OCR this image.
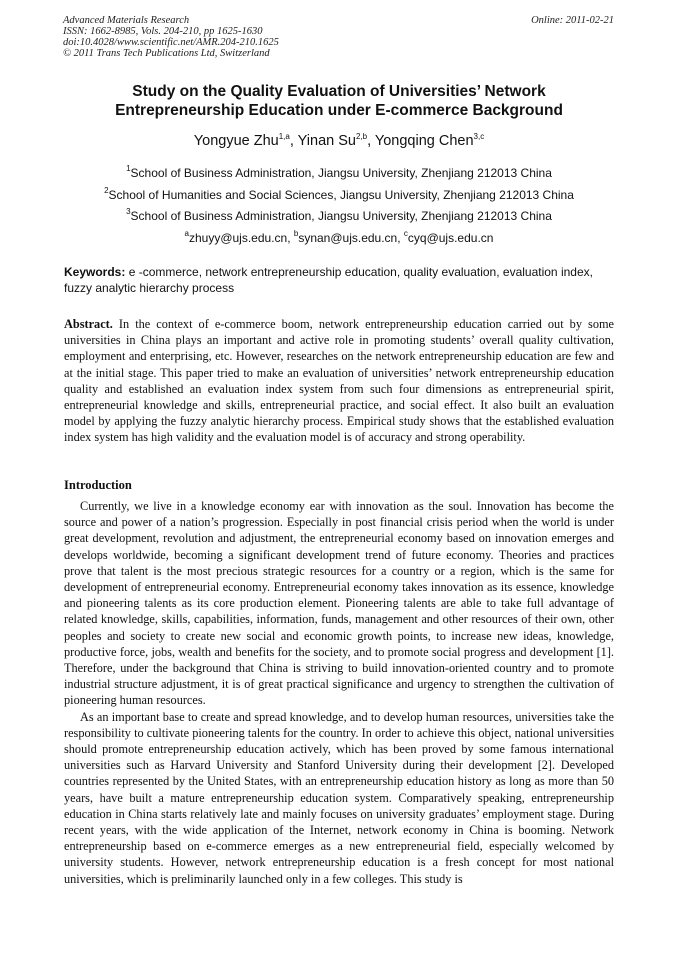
Advanced Materials Research
ISSN: 1662-8985, Vols. 204-210, pp 1625-1630
doi:10.4028/www.scientific.net/AMR.204-210.1625
© 2011 Trans Tech Publications Ltd, Switzerland
Online: 2011-02-21
Study on the Quality Evaluation of Universities’ Network
Entrepreneurship Education under E-commerce Background
Yongyue Zhu$^{1,a}$, Yinan Su$^{2,b}$, Yongqing Chen$^{3,c}$
$^1$School of Business Administration, Jiangsu University, Zhenjiang 212013 China
$^2$School of Humanities and Social Sciences, Jiangsu University, Zhenjiang 212013 China
$^3$School of Business Administration, Jiangsu University, Zhenjiang 212013 China
$^a$zhuyy@ujs.edu.cn, $^b$synan@ujs.edu.cn, $^c$cyq@ujs.edu.cn
Keywords: e -commerce, network entrepreneurship education, quality evaluation, evaluation index, fuzzy analytic hierarchy process
Abstract. In the context of e-commerce boom, network entrepreneurship education carried out by some universities in China plays an important and active role in promoting students’ overall quality cultivation, employment and enterprising, etc. However, researches on the network entrepreneurship education are few and at the initial stage. This paper tried to make an evaluation of universities’ network entrepreneurship education quality and established an evaluation index system from such four dimensions as entrepreneurial spirit, entrepreneurial knowledge and skills, entrepreneurial practice, and social effect. It also built an evaluation model by applying the fuzzy analytic hierarchy process. Empirical study shows that the established evaluation index system has high validity and the evaluation model is of accuracy and strong operability.
Introduction

Currently, we live in a knowledge economy ear with innovation as the soul. Innovation has become the source and power of a nation’s progression. Especially in post financial crisis period when the world is under great development, revolution and adjustment, the entrepreneurial economy based on innovation emerges and develops worldwide, becoming a significant development trend of future economy. Theories and practices prove that talent is the most precious strategic resources for a country or a region, which is the same for development of entrepreneurial economy. Entrepreneurial economy takes innovation as its essence, knowledge and pioneering talents as its core production element. Pioneering talents are able to take full advantage of related knowledge, skills, capabilities, information, funds, management and other resources of their own, other peoples and society to create new social and economic growth points, to increase new ideas, knowledge, productive force, jobs, wealth and benefits for the society, and to promote social progress and development [1]. Therefore, under the background that China is striving to build innovation-oriented country and to promote industrial structure adjustment, it is of great practical significance and urgency to strengthen the cultivation of pioneering human resources.

As an important base to create and spread knowledge, and to develop human resources, universities take the responsibility to cultivate pioneering talents for the country. In order to achieve this object, national universities should promote entrepreneurship education actively, which has been proved by some famous international universities such as Harvard University and Stanford University during their development [2]. Developed countries represented by the United States, with an entrepreneurship education history as long as more than 50 years, have built a mature entrepreneurship education system. Comparatively speaking, entrepreneurship education in China starts relatively late and mainly focuses on university graduates’ employment stage. During recent years, with the wide application of the Internet, network economy in China is booming. Network entrepreneurship based on e-commerce emerges as a new entrepreneurial field, especially welcomed by university students. However, network entrepreneurship education is a fresh concept for most national universities, which is preliminarily launched only in a few colleges. This study is
